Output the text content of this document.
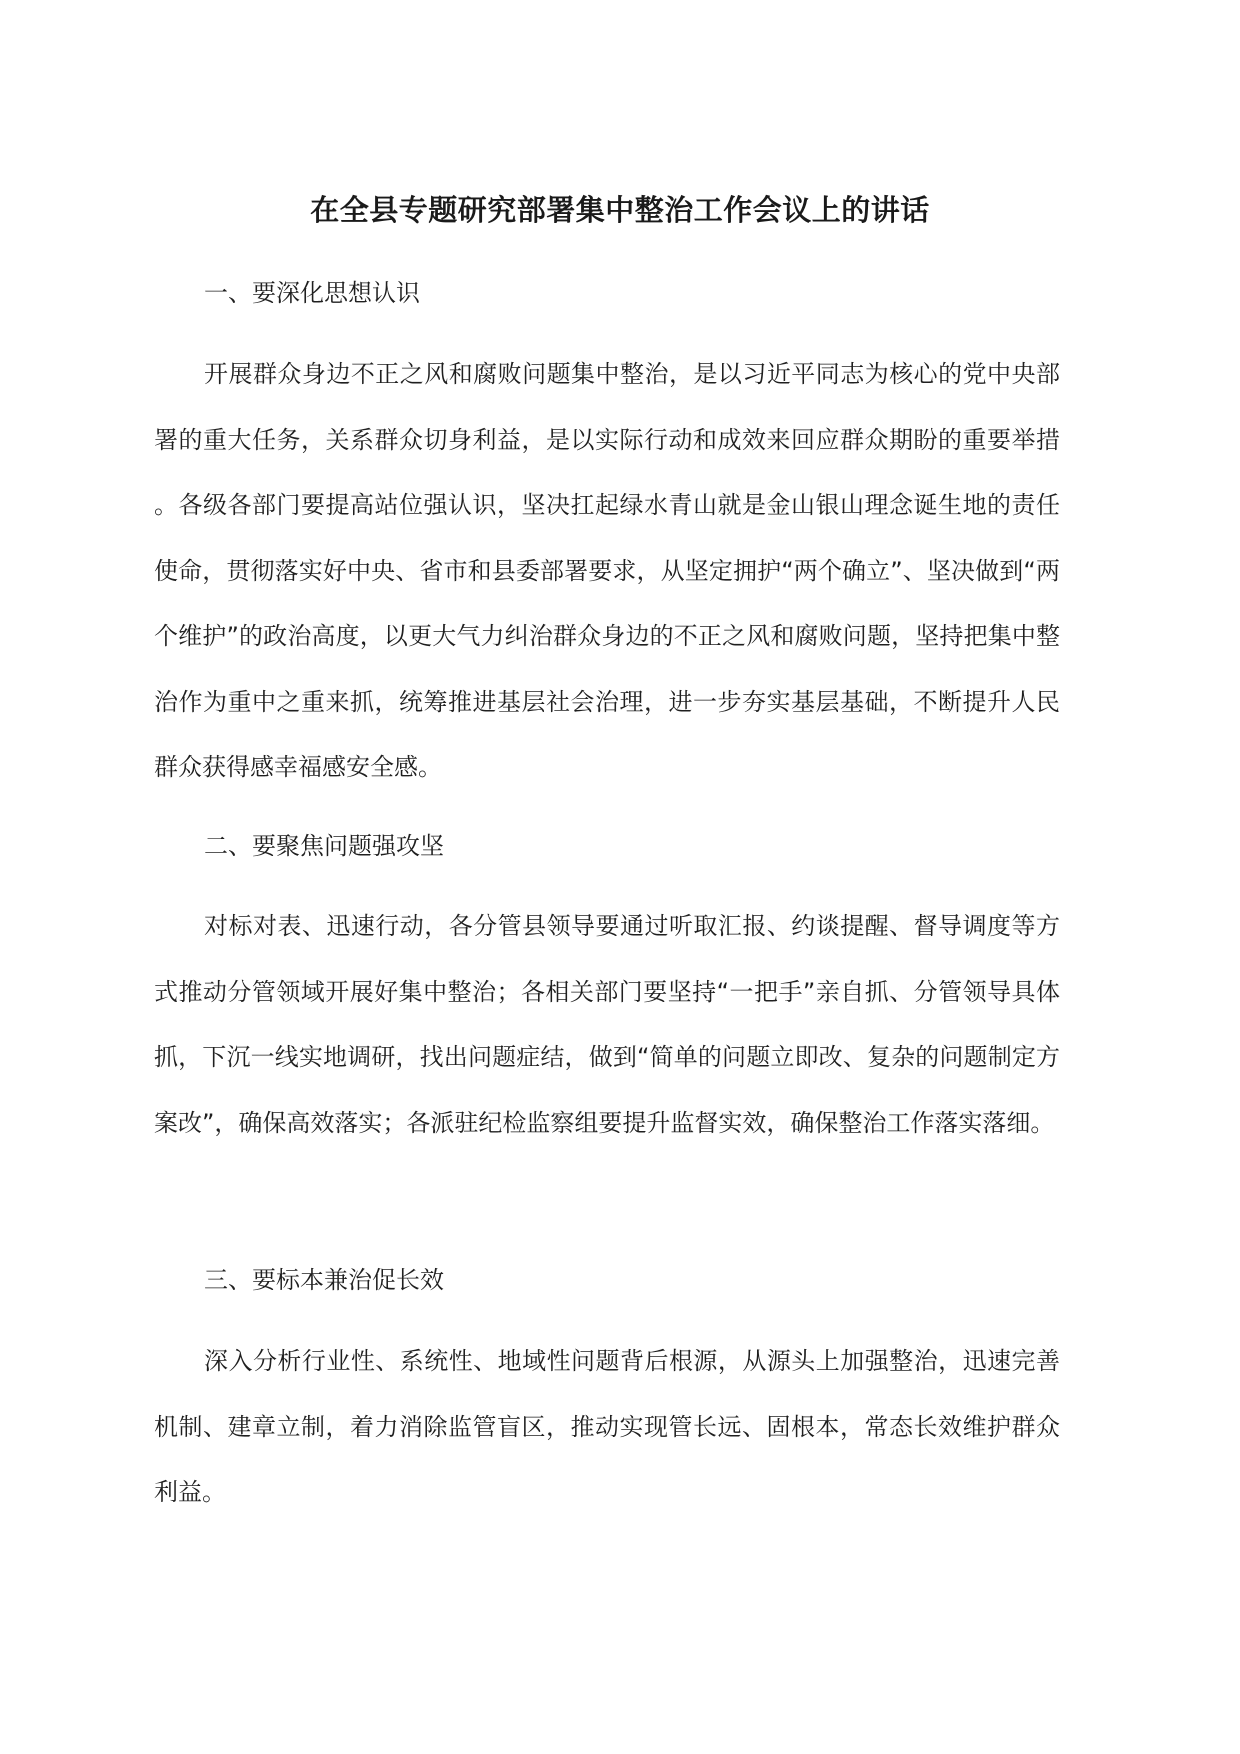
在全县专题研究部署集中整治工作会议上的讲话
一、要深化思想认识
开展群众身边不正之风和腐败问题集中整治，是以习近平同志为核心的党中央部署的重大任务，关系群众切身利益，是以实际行动和成效来回应群众期盼的重要举措。各级各部门要提高站位强认识，坚决扛起绿水青山就是金山银山理念诞生地的责任使命，贯彻落实好中央、省市和县委部署要求，从坚定拥护“两个确立”、坚决做到“两个维护”的政治高度，以更大气力纠治群众身边的不正之风和腐败问题，坚持把集中整治作为重中之重来抓，统筹推进基层社会治理，进一步夯实基层基础，不断提升人民群众获得感幸福感安全感。
二、要聚焦问题强攻坚
对标对表、迅速行动，各分管县领导要通过听取汇报、约谈提醒、督导调度等方式推动分管领域开展好集中整治；各相关部门要坚持“一把手”亲自抓、分管领导具体抓，下沉一线实地调研，找出问题症结，做到“简单的问题立即改、复杂的问题制定方案改”，确保高效落实；各派驻纪检监察组要提升监督实效，确保整治工作落实落细。
三、要标本兼治促长效
深入分析行业性、系统性、地域性问题背后根源，从源头上加强整治，迅速完善机制、建章立制，着力消除监管盲区，推动实现管长远、固根本，常态长效维护群众利益。
